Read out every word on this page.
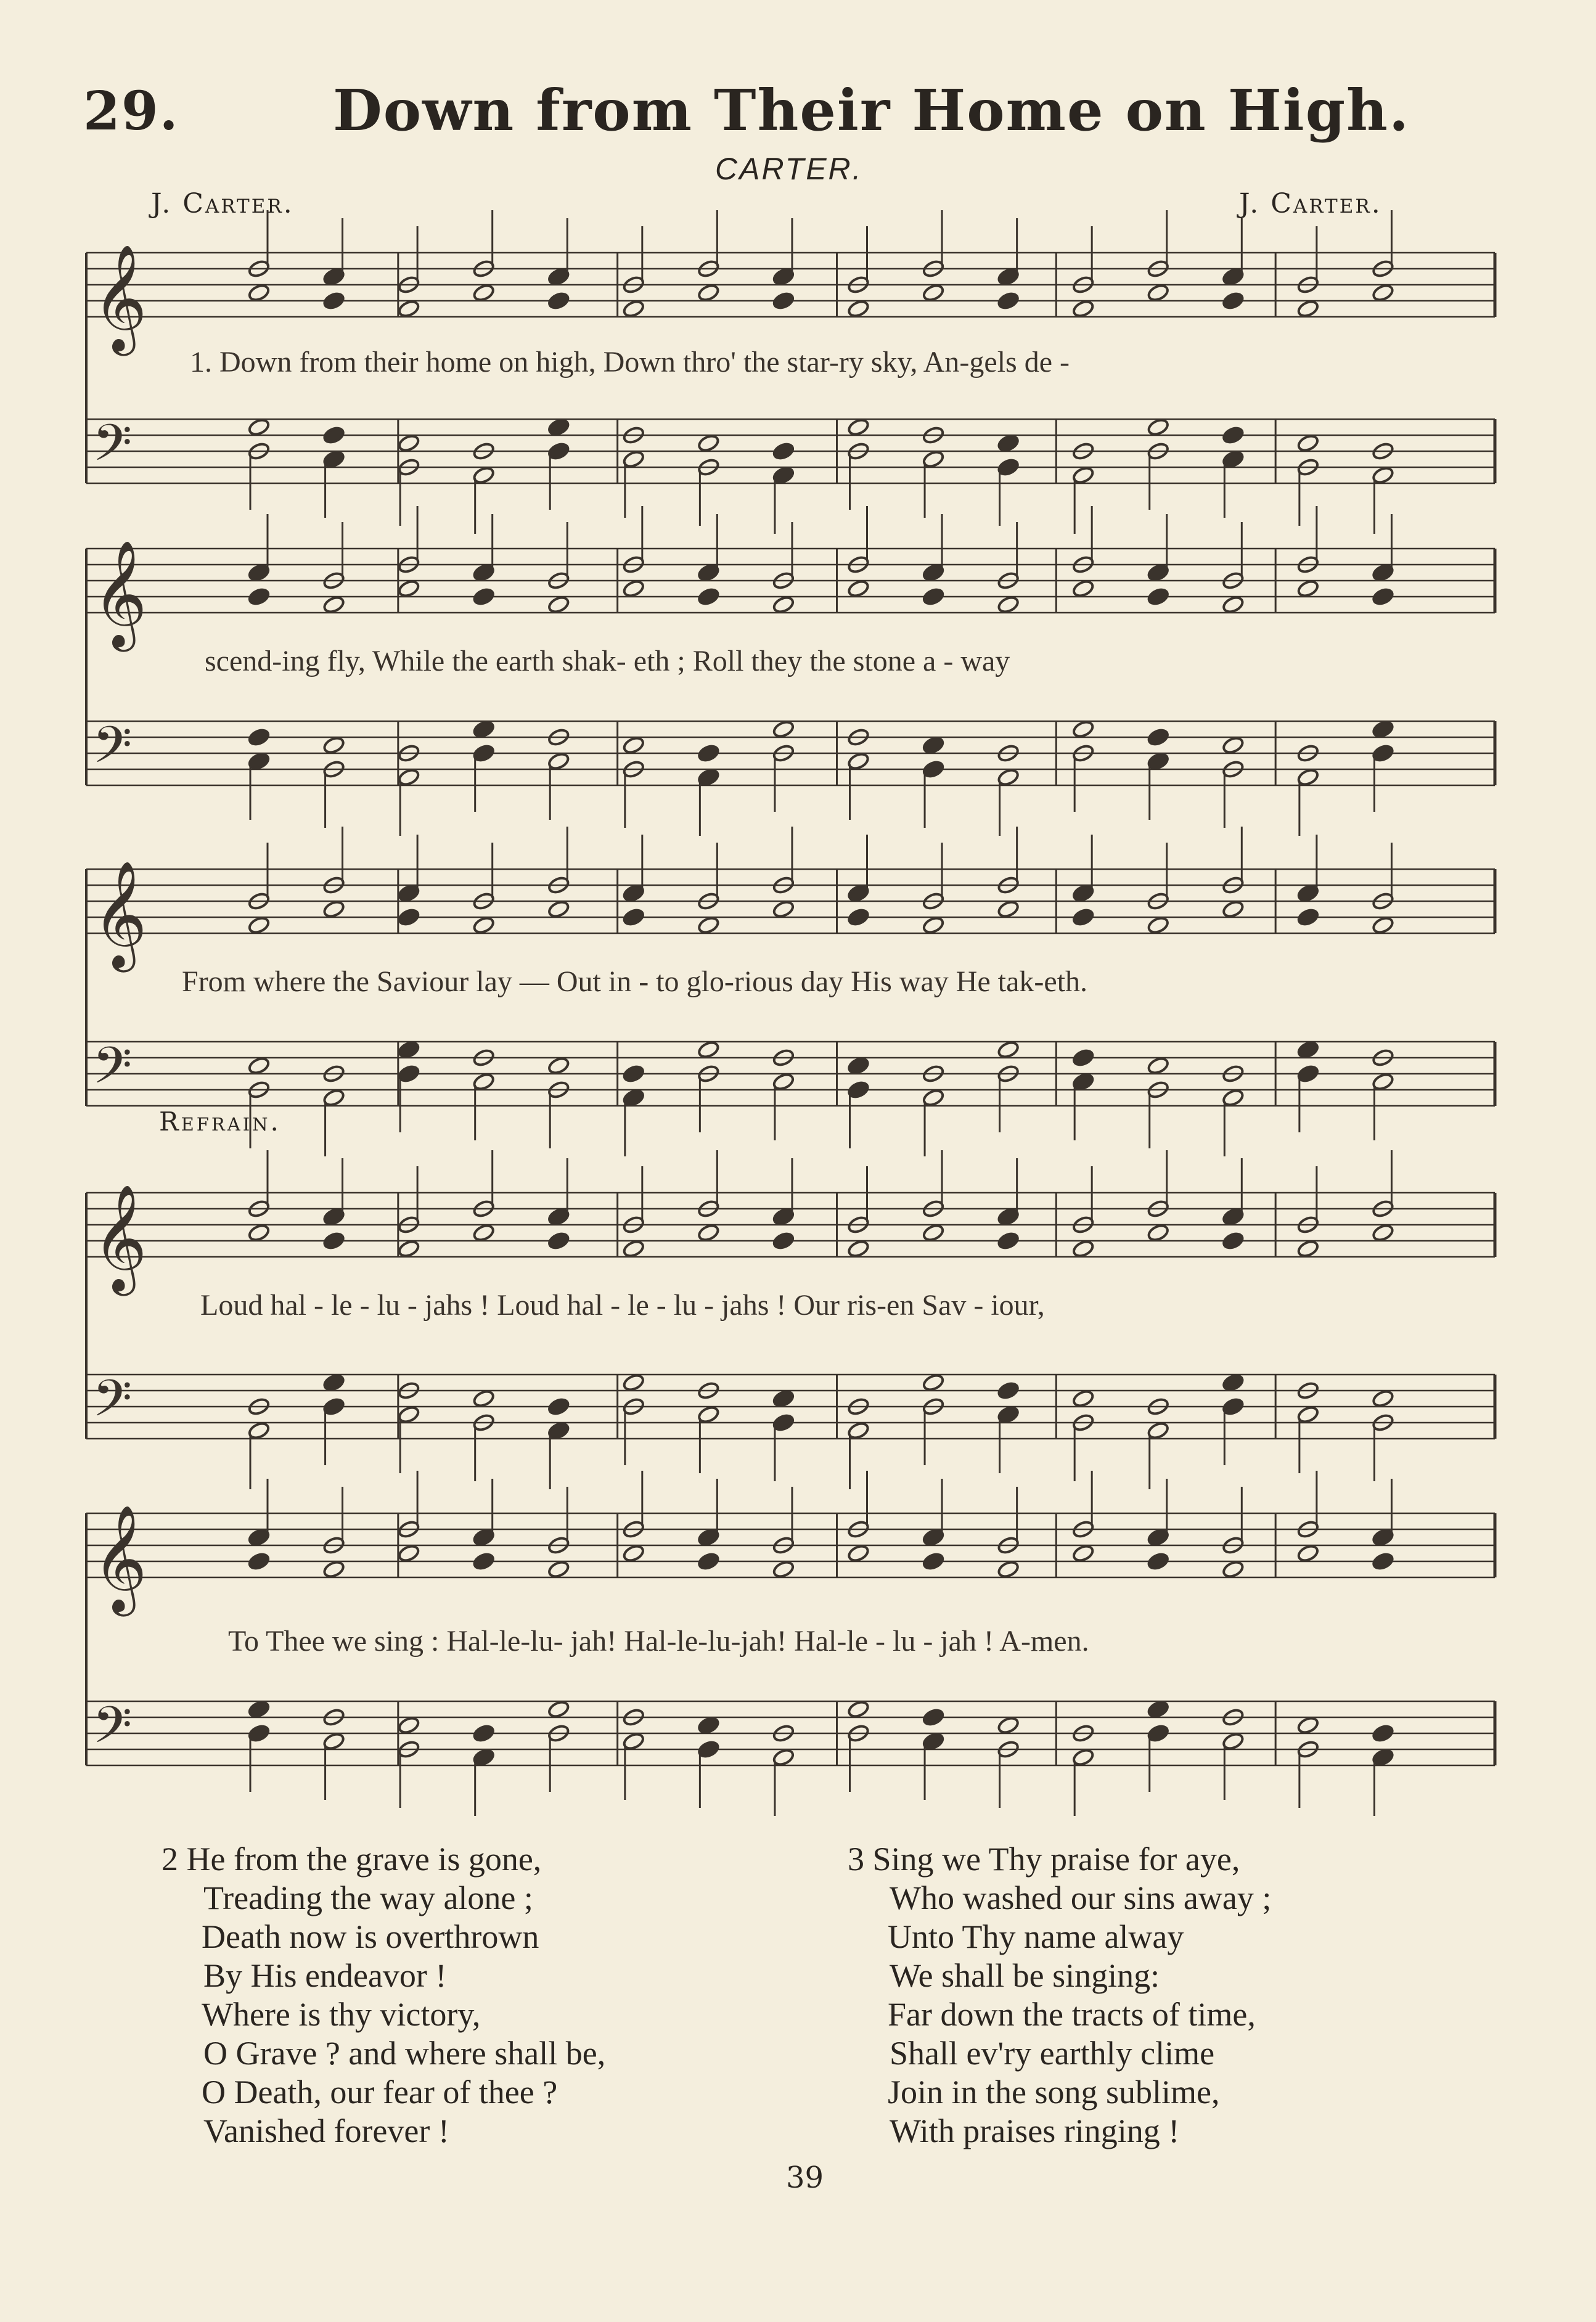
29.	Down from Their Home on High.
CARTER.
J. Carter.	J. Carter.
𝄞
𝄢
𝄞
𝄢
𝄞
𝄢
𝄞
𝄢
𝄞
𝄢
Refrain.
1. Down from their home on high, Down thro' the star-ry sky, An-gels de -
scend-ing fly, While the earth shak- eth ; Roll they the stone a - way
From where the Saviour lay — Out in - to glo-rious day His way He tak-eth.
Loud hal - le - lu - jahs ! Loud hal - le - lu - jahs ! Our ris-en Sav - iour,
To Thee we sing : Hal-le-lu- jah! Hal-le-lu-jah! Hal-le - lu - jah ! A-men.
2 He from the grave is gone,
Treading the way alone ;
Death now is overthrown
By His endeavor !
Where is thy victory,
O Grave ? and where shall be,
O Death, our fear of thee ?
Vanished forever !
3 Sing we Thy praise for aye,
Who washed our sins away ;
Unto Thy name alway
We shall be singing:
Far down the tracts of time,
Shall ev'ry earthly clime
Join in the song sublime,
With praises ringing !
39
